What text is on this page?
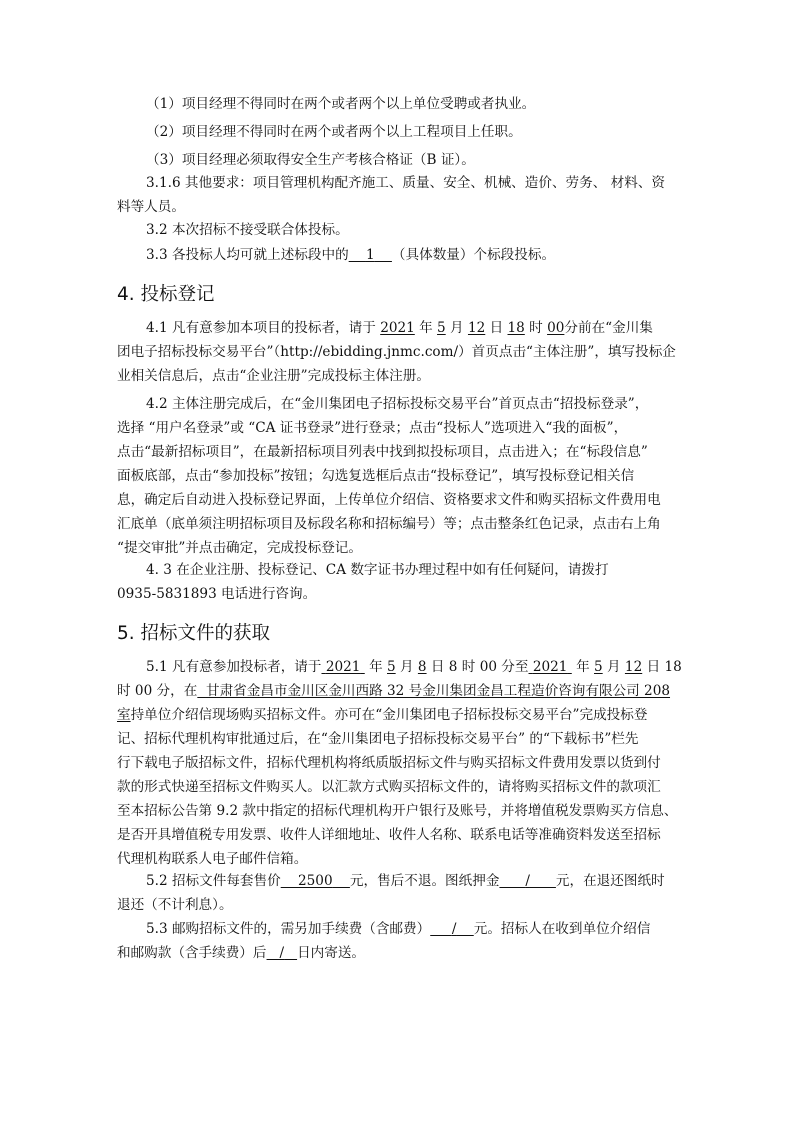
（1）项目经理不得同时在两个或者两个以上单位受聘或者执业。
（2）项目经理不得同时在两个或者两个以上工程项目上任职。
（3）项目经理必须取得安全生产考核合格证（B 证）。
3.1.6 其他要求：项目管理机构配齐施工、质量、安全、机械、造价、劳务、 材料、资
料等人员。
3.2 本次招标不接受联合体投标。
3.3 各投标人均可就上述标段中的 1 （具体数量）个标段投标。
4. 投标登记
4.1 凡有意参加本项目的投标者，请于 2021 年 5 月 12 日 18 时 00分前在“金川集
团电子招标投标交易平台”（http://ebidding.jnmc.com/）首页点击“主体注册”，填写投标企
业相关信息后，点击“企业注册”完成投标主体注册。
4.2 主体注册完成后，在“金川集团电子招标投标交易平台”首页点击“招投标登录”，
选择 “用户名登录”或 “CA 证书登录”进行登录；点击“投标人”选项进入“我的面板”，
点击“最新招标项目”，在最新招标项目列表中找到拟投标项目，点击进入；在“标段信息”
面板底部，点击“参加投标”按钮；勾选复选框后点击“投标登记”，填写投标登记相关信
息，确定后自动进入投标登记界面，上传单位介绍信、资格要求文件和购买招标文件费用电
汇底单（底单须注明招标项目及标段名称和招标编号）等；点击整条红色记录，点击右上角
“提交审批”并点击确定，完成投标登记。
4. 3 在企业注册、投标登记、CA 数字证书办理过程中如有任何疑问，请拨打
0935-5831893 电话进行咨询。
5. 招标文件的获取
5.1 凡有意参加投标者，请于 2021  年 5 月 8 日 8 时 00 分至 2021  年 5 月 12 日 18
时 00 分，在 甘肃省金昌市金川区金川西路 32 号金川集团金昌工程造价咨询有限公司 208
室持单位介绍信现场购买招标文件。亦可在“金川集团电子招标投标交易平台”完成投标登
记、招标代理机构审批通过后，在“金川集团电子招标投标交易平台” 的“下载标书”栏先
行下载电子版招标文件，招标代理机构将纸质版招标文件与购买招标文件费用发票以货到付
款的形式快递至招标文件购买人。以汇款方式购买招标文件的，请将购买招标文件的款项汇
至本招标公告第 9.2 款中指定的招标代理机构开户银行及账号，并将增值税发票购买方信息、
是否开具增值税专用发票、收件人详细地址、收件人名称、联系电话等准确资料发送至招标
代理机构联系人电子邮件信箱。
5.2 招标文件每套售价 2500 元，售后不退。图纸押金 / 元，在退还图纸时
退还（不计利息）。
5.3 邮购招标文件的，需另加手续费（含邮费） / 元。招标人在收到单位介绍信
和邮购款（含手续费）后 / 日内寄送。
